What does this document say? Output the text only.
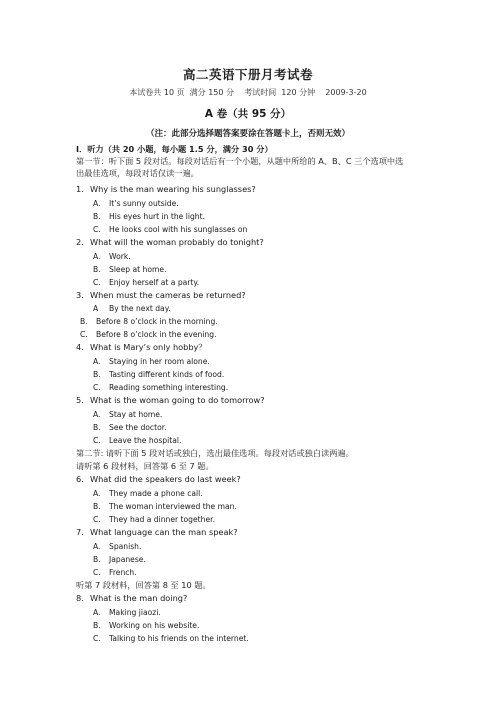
高二英语下册月考试卷
本试卷共 10 页  满分 150 分    考试时间  120 分钟    2009-3-20
A 卷（共 95 分）
（注：此部分选择题答案要涂在答题卡上，否则无效）
I．听力（共 20 小题，每小题 1.5 分，满分 30 分）
第一节：听下面 5 段对话。每段对话后有一个小题，从题中所给的 A、B、C 三个选项中选
出最佳选项，每段对话仅读一遍。
1. Why is the man wearing his sunglasses?
A. It’s sunny outside.
B. His eyes hurt in the light.
C. He looks cool with his sunglasses on
2. What will the woman probably do tonight?
A. Work.
B. Sleep at home.
C. Enjoy herself at a party.
3. When must the cameras be returned?
A By the next day.
B. Before 8 o’clock in the morning.
C. Before 8 o’clock in the evening.
4. What is Mary’s only hobby？
A. Staying in her room alone.
B. Tasting different kinds of food.
C. Reading something interesting.
5. What is the woman going to do tomorrow?
A. Stay at home.
B. See the doctor.
C. Leave the hospital.
第二节: 请听下面 5 段对话或独白，选出最佳选项。每段对话或独白读两遍。
请听第 6 段材料，回答第 6 至 7 题。
6. What did the speakers do last week?
A. They made a phone call.
B. The woman interviewed the man.
C. They had a dinner together.
7. What language can the man speak?
A. Spanish.
B. Japanese.
C. French.
听第 7 段材料，回答第 8 至 10 题。
8. What is the man doing?
A. Making jiaozi.
B. Working on his website.
C. Talking to his friends on the internet.
